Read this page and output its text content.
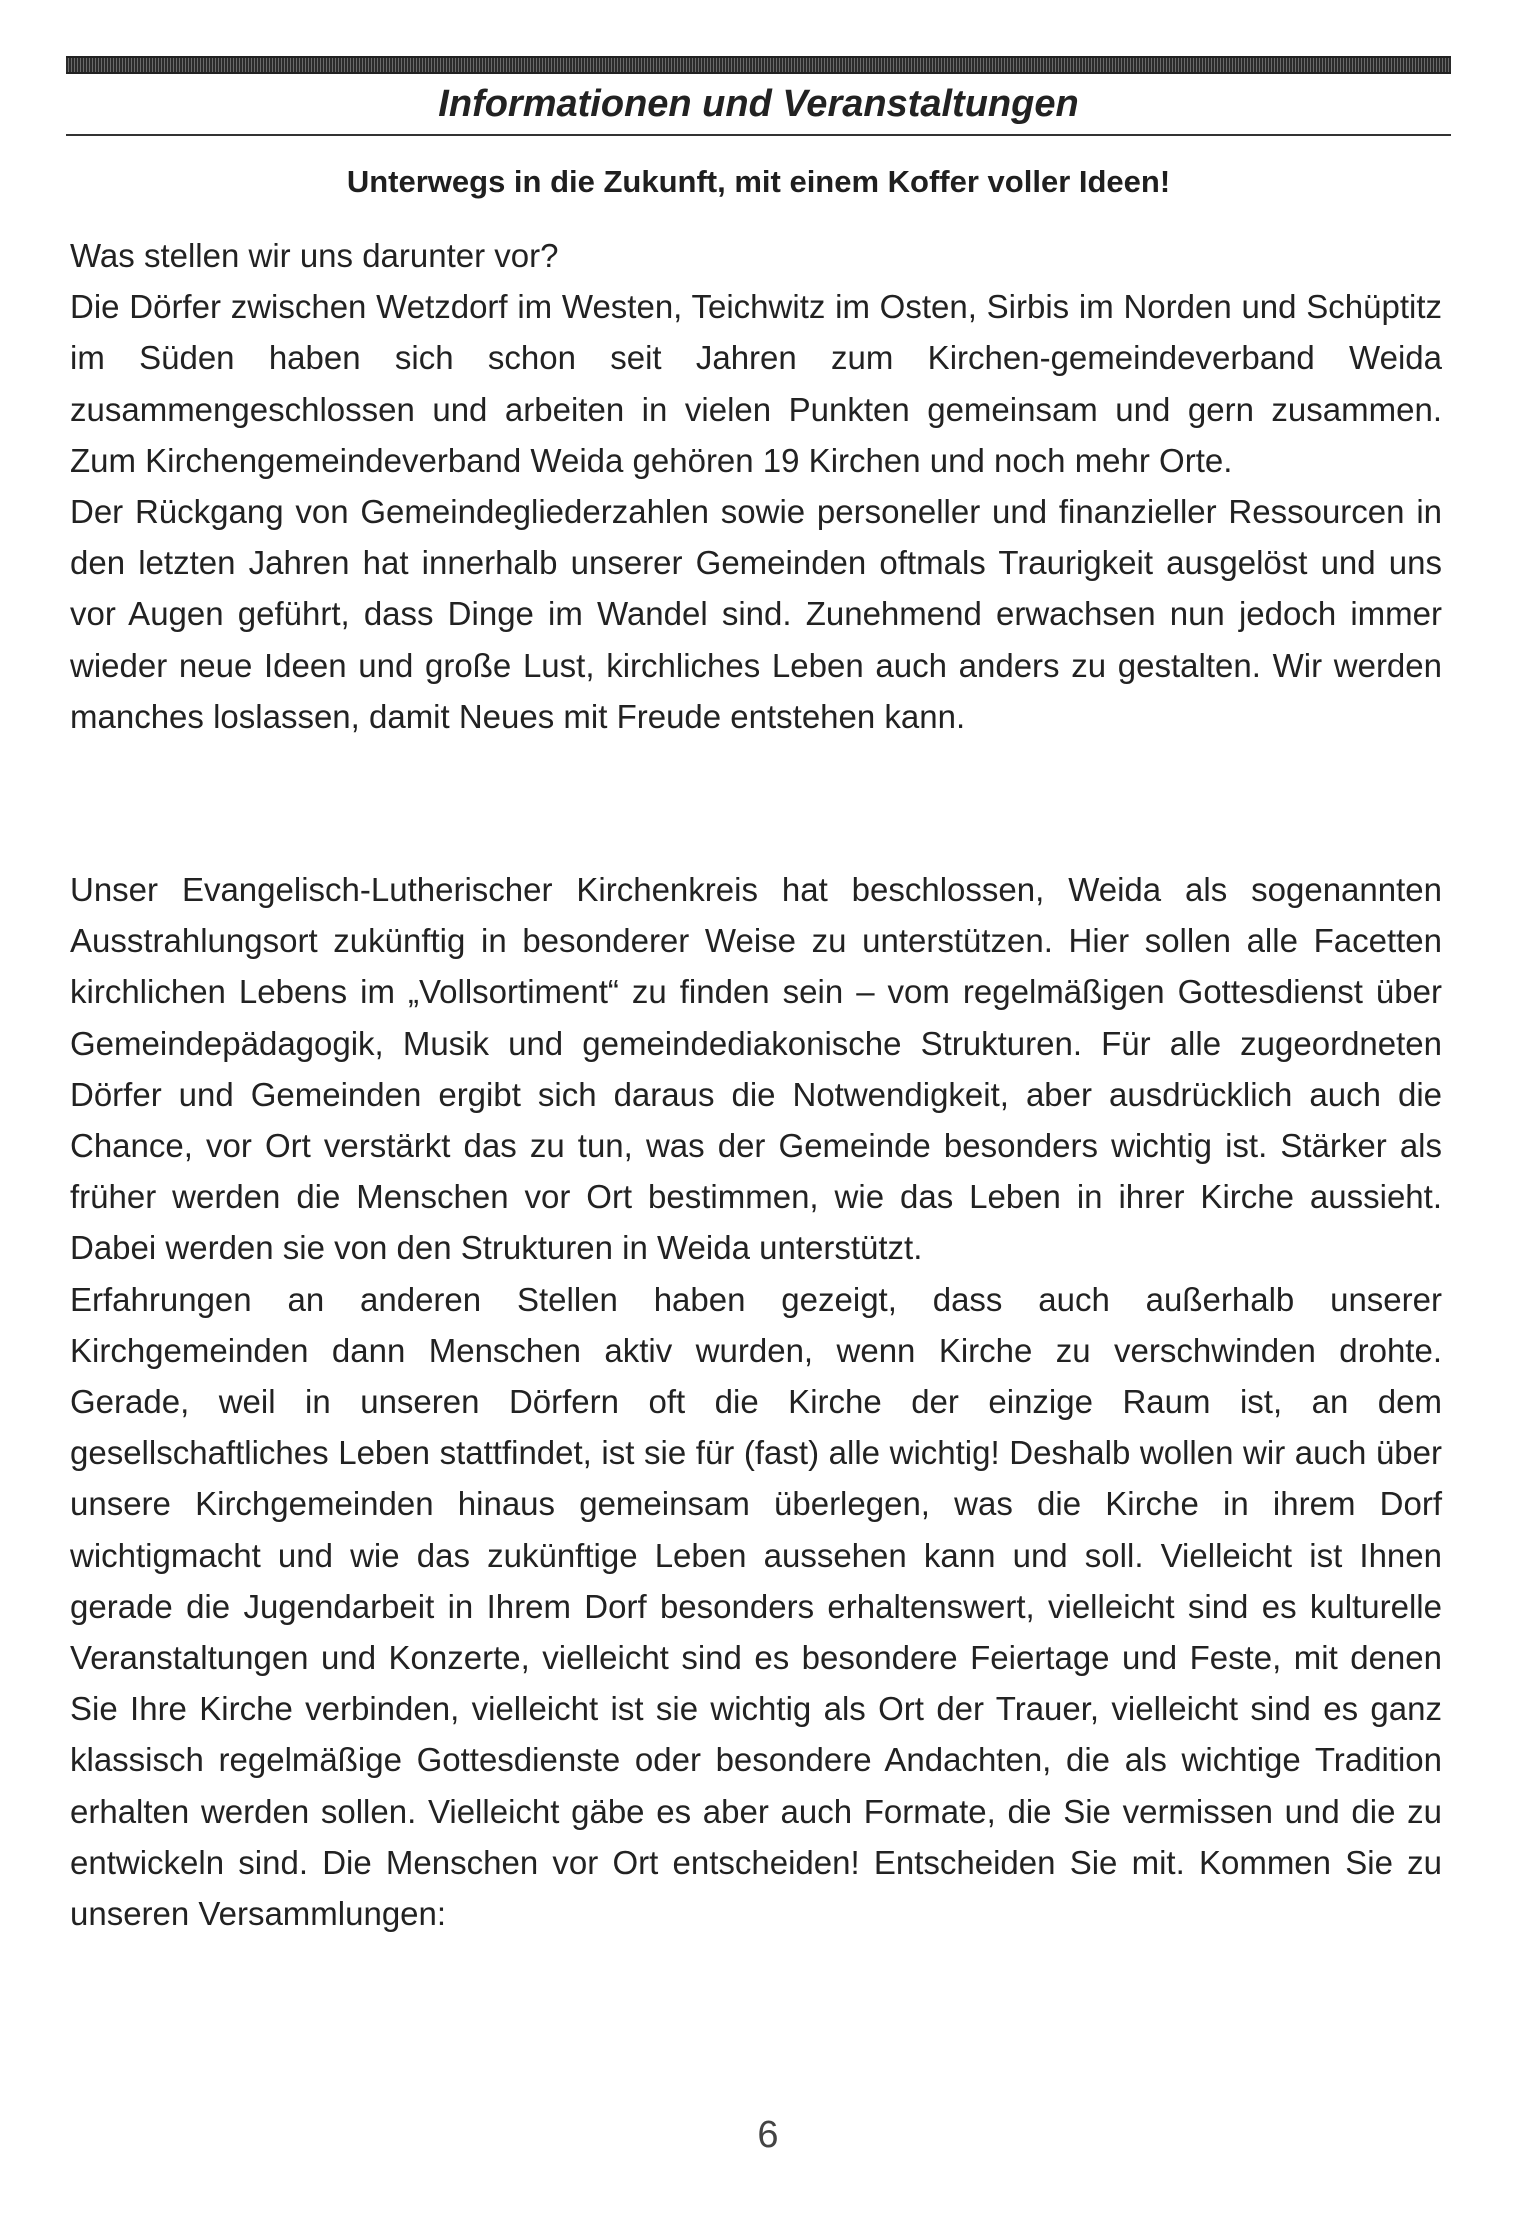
Informationen und Veranstaltungen
Unterwegs in die Zukunft, mit einem Koffer voller Ideen!

Was stellen wir uns darunter vor?

Die Dörfer zwischen Wetzdorf im Westen, Teichwitz im Osten, Sirbis im Norden und Schüptitz im Süden haben sich schon seit Jahren zum Kirchen-gemeindeverband Weida zusammengeschlossen und arbeiten in vielen Punkten gemeinsam und gern zusammen. Zum Kirchengemeindeverband Weida gehören 19 Kirchen und noch mehr Orte.

Der Rückgang von Gemeindegliederzahlen sowie personeller und finanzieller Ressourcen in den letzten Jahren hat innerhalb unserer Gemeinden oftmals Traurigkeit ausgelöst und uns vor Augen geführt, dass Dinge im Wandel sind. Zunehmend erwachsen nun jedoch immer wieder neue Ideen und große Lust, kirchliches Leben auch anders zu gestalten. Wir werden manches loslassen, damit Neues mit Freude entstehen kann.

Unser Evangelisch-Lutherischer Kirchenkreis hat beschlossen, Weida als sogenannten Ausstrahlungsort zukünftig in besonderer Weise zu unterstützen. Hier sollen alle Facetten kirchlichen Lebens im „Vollsortiment“ zu finden sein – vom regelmäßigen Gottesdienst über Gemeindepädagogik, Musik und gemeindediakonische Strukturen. Für alle zugeordneten Dörfer und Gemeinden ergibt sich daraus die Notwendigkeit, aber ausdrücklich auch die Chance, vor Ort verstärkt das zu tun, was der Gemeinde besonders wichtig ist. Stärker als früher werden die Menschen vor Ort bestimmen, wie das Leben in ihrer Kirche aussieht. Dabei werden sie von den Strukturen in Weida unterstützt.

Erfahrungen an anderen Stellen haben gezeigt, dass auch außerhalb unserer Kirchgemeinden dann Menschen aktiv wurden, wenn Kirche zu verschwinden drohte. Gerade, weil in unseren Dörfern oft die Kirche der einzige Raum ist, an dem gesellschaftliches Leben stattfindet, ist sie für (fast) alle wichtig! Deshalb wollen wir auch über unsere Kirchgemeinden hinaus gemeinsam überlegen, was die Kirche in ihrem Dorf wichtigmacht und wie das zukünftige Leben aussehen kann und soll. Vielleicht ist Ihnen gerade die Jugendarbeit in Ihrem Dorf besonders erhaltenswert, vielleicht sind es kulturelle Veranstaltungen und Konzerte, vielleicht sind es besondere Feiertage und Feste, mit denen Sie Ihre Kirche verbinden, vielleicht ist sie wichtig als Ort der Trauer, vielleicht sind es ganz klassisch regelmäßige Gottesdienste oder besondere Andachten, die als wichtige Tradition erhalten werden sollen. Vielleicht gäbe es aber auch Formate, die Sie vermissen und die zu entwickeln sind. Die Menschen vor Ort entscheiden! Entscheiden Sie mit. Kommen Sie zu unseren Versammlungen:

6
